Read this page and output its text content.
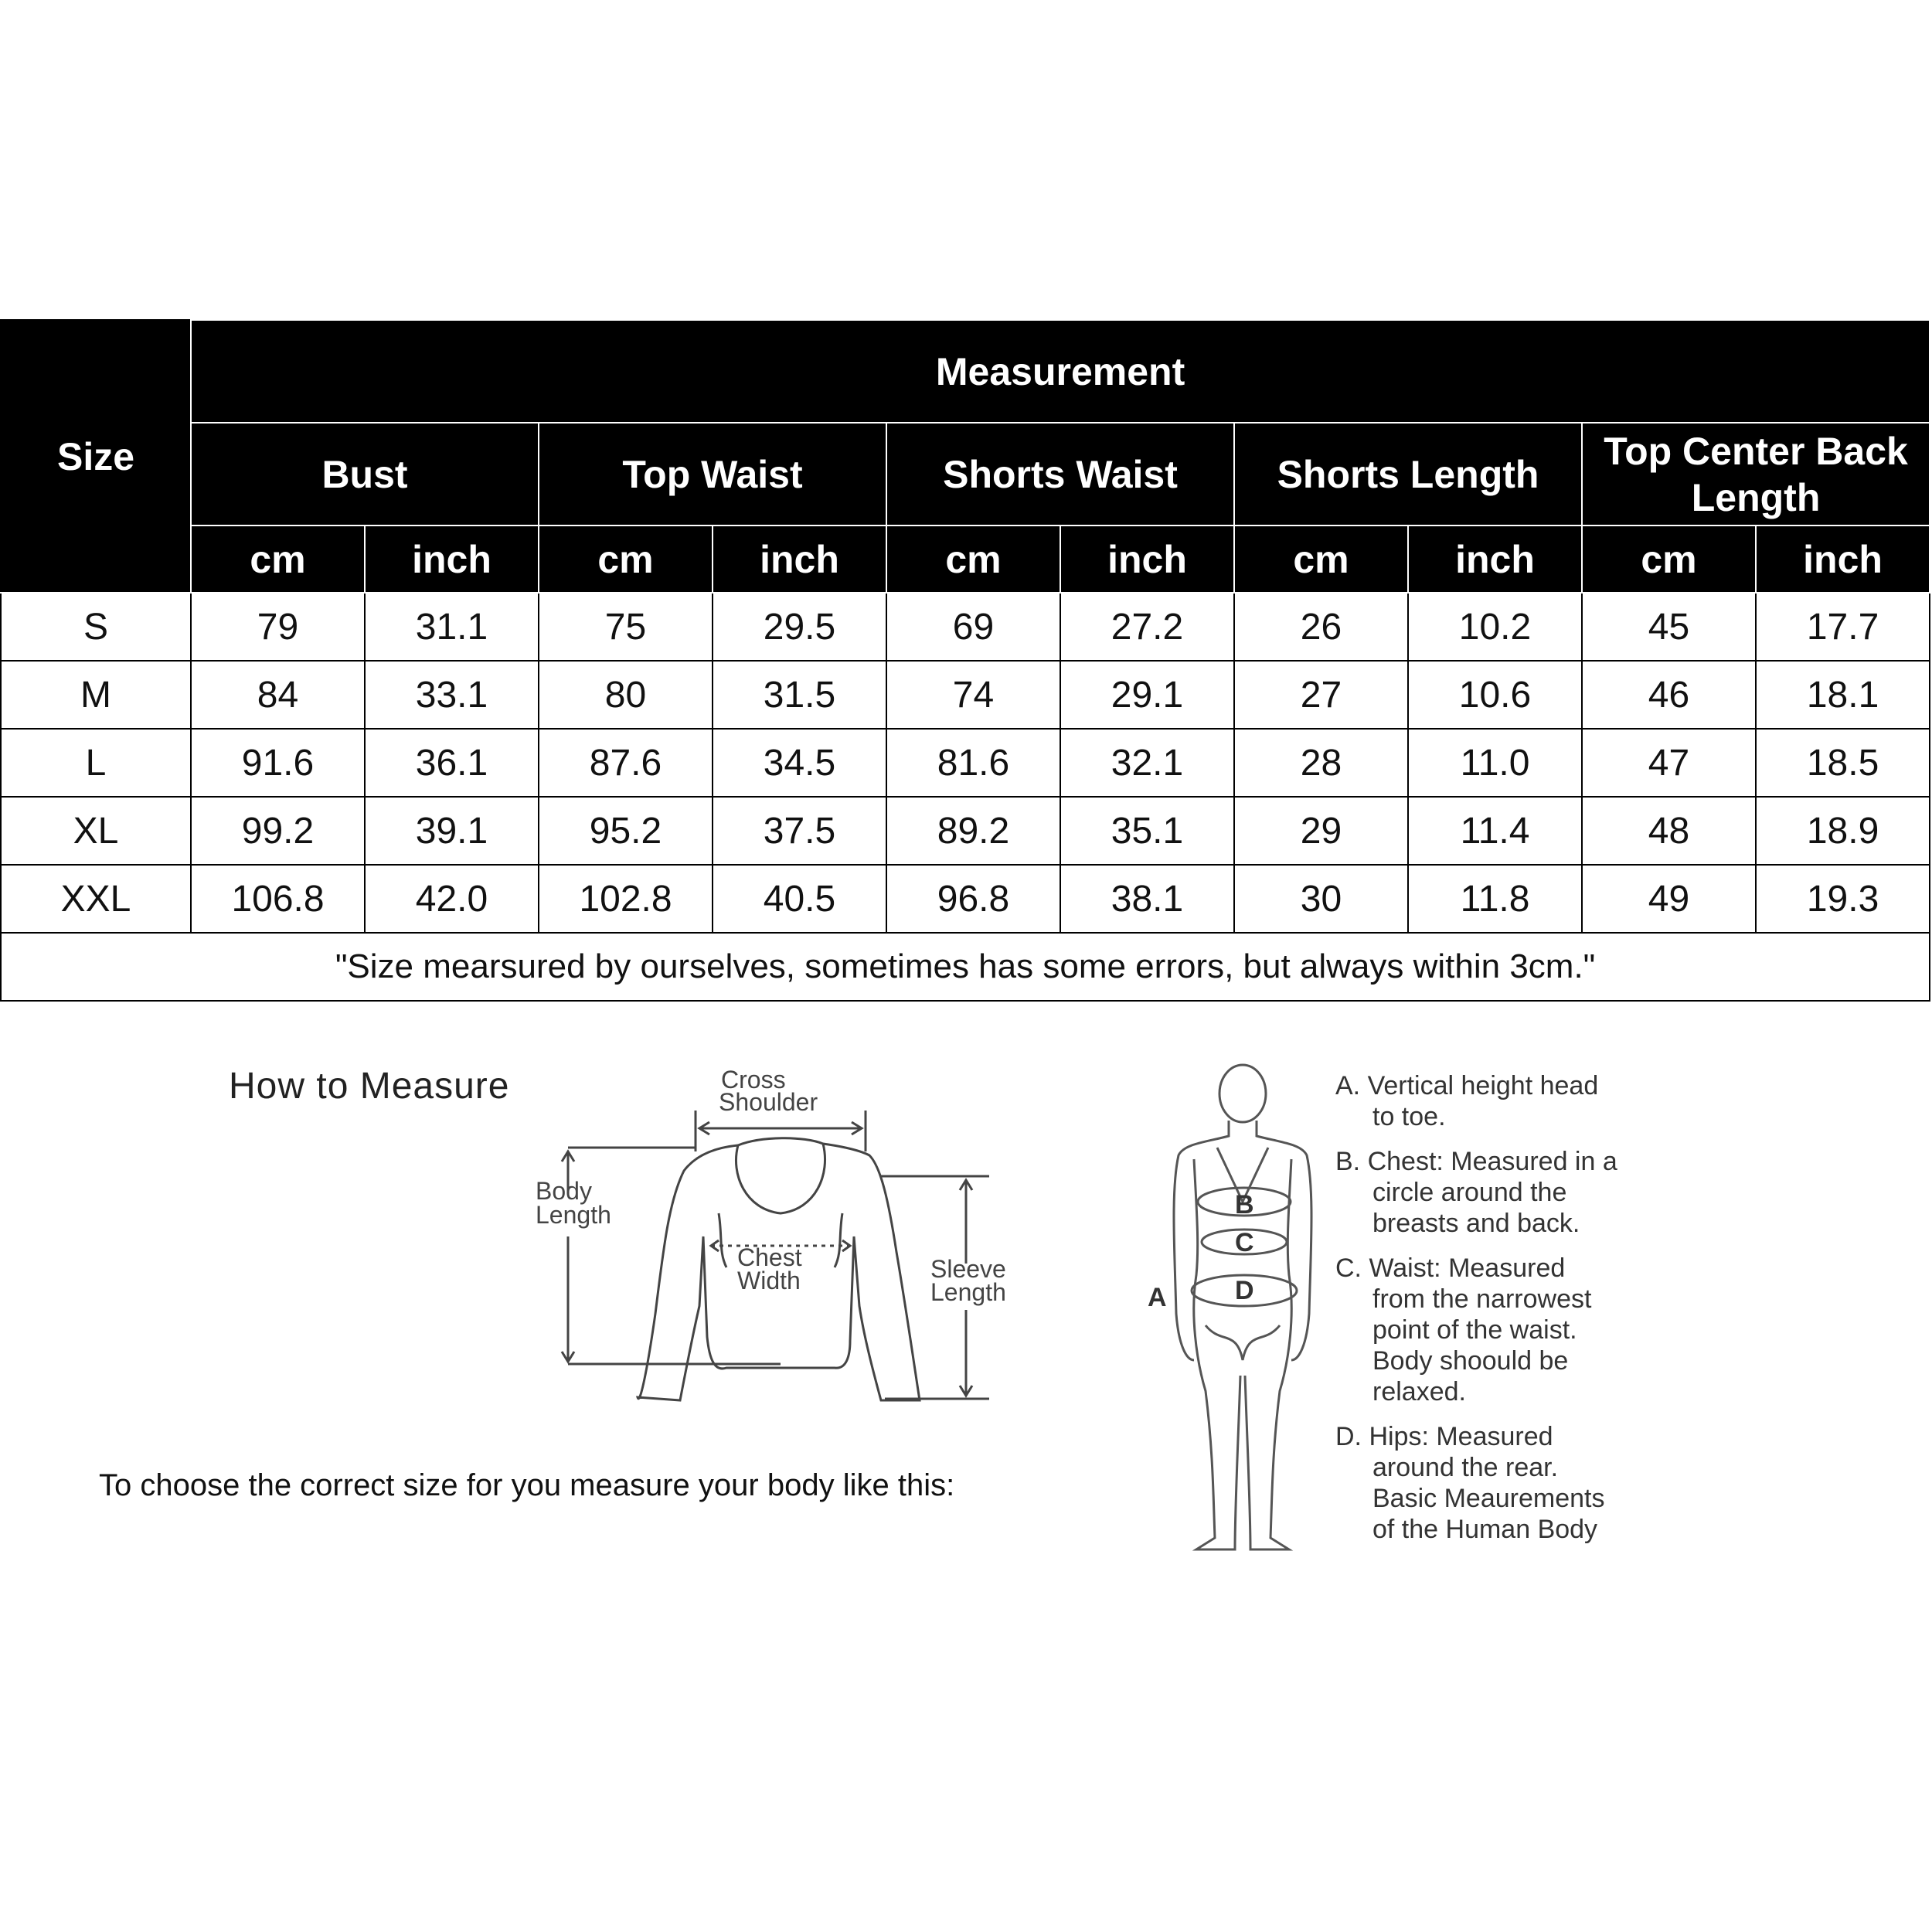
Size	Measurement									
	Bust		Top Waist		Shorts Waist		Shorts Length		Top Center Back Length	
	cm	inch	cm	inch	cm	inch	cm	inch	cm	inch
S	79	31.1	75	29.5	69	27.2	26	10.2	45	17.7
M	84	33.1	80	31.5	74	29.1	27	10.6	46	18.1
L	91.6	36.1	87.6	34.5	81.6	32.1	28	11.0	47	18.5
XL	99.2	39.1	95.2	37.5	89.2	35.1	29	11.4	48	18.9
XXL	106.8	42.0	102.8	40.5	96.8	38.1	30	11.8	49	19.3
"Size mearsured by ourselves, sometimes has some errors, but always within 3cm."										
How to Measure
To choose the correct size for you measure your body like this:
Cross
Shoulder
Body
Length
Chest
Width	Sleeve
Length	A
B
C
D
A. Vertical height head
to toe.
B. Chest: Measured in a
circle around the
breasts and back.
C. Waist: Measured
from the narrowest
point of the waist.
Body shoould be
relaxed.
D. Hips: Measured
around the rear.
Basic Meaurements
of the Human Body
